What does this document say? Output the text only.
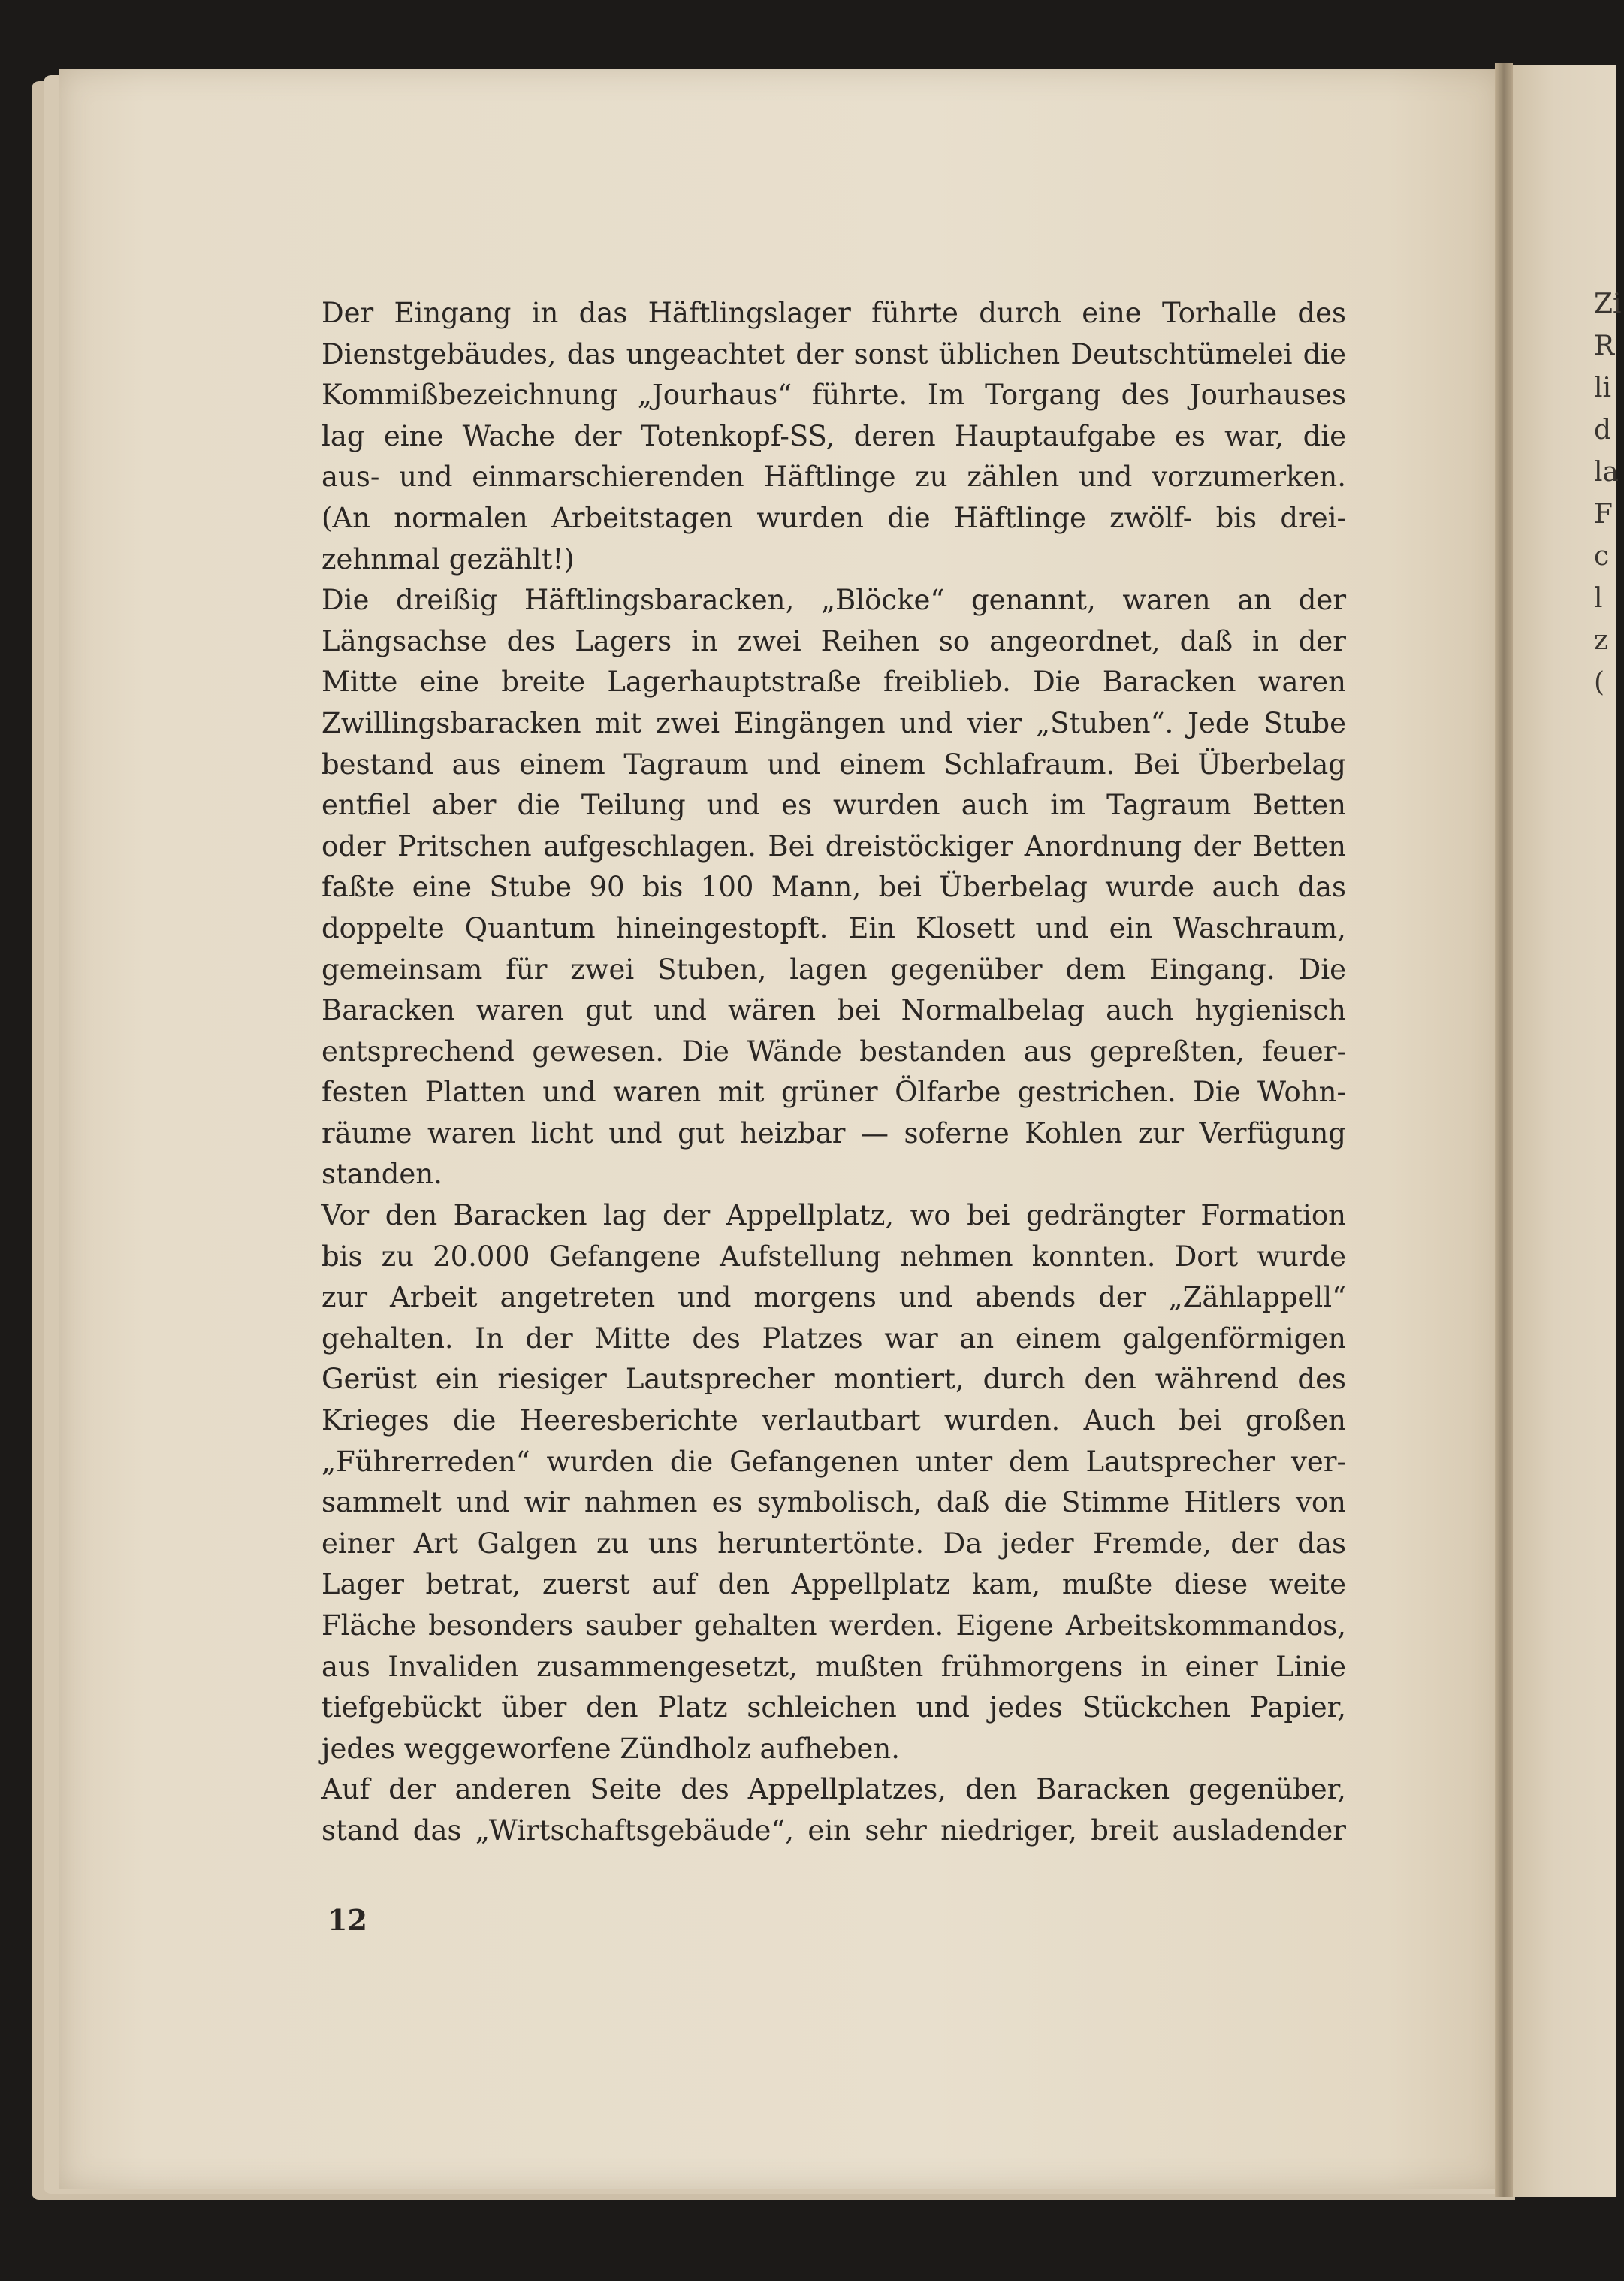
Der Eingang in das Häftlingslager führte durch eine Torhalle des
Dienstgebäudes, das ungeachtet der sonst üblichen Deutschtümelei die
Kommißbezeichnung „Jourhaus“ führte. Im Torgang des Jourhauses
lag eine Wache der Totenkopf-SS, deren Hauptaufgabe es war, die
aus- und einmarschierenden Häftlinge zu zählen und vorzumerken.
(An normalen Arbeitstagen wurden die Häftlinge zwölf- bis drei-
zehnmal gezählt!)
Die dreißig Häftlingsbaracken, „Blöcke“ genannt, waren an der
Längsachse des Lagers in zwei Reihen so angeordnet, daß in der
Mitte eine breite Lagerhauptstraße freiblieb. Die Baracken waren
Zwillingsbaracken mit zwei Eingängen und vier „Stuben“. Jede Stube
bestand aus einem Tagraum und einem Schlafraum. Bei Überbelag
entfiel aber die Teilung und es wurden auch im Tagraum Betten
oder Pritschen aufgeschlagen. Bei dreistöckiger Anordnung der Betten
faßte eine Stube 90 bis 100 Mann, bei Überbelag wurde auch das
doppelte Quantum hineingestopft. Ein Klosett und ein Waschraum,
gemeinsam für zwei Stuben, lagen gegenüber dem Eingang. Die
Baracken waren gut und wären bei Normalbelag auch hygienisch
entsprechend gewesen. Die Wände bestanden aus gepreßten, feuer-
festen Platten und waren mit grüner Ölfarbe gestrichen. Die Wohn-
räume waren licht und gut heizbar — soferne Kohlen zur Verfügung
standen.
Vor den Baracken lag der Appellplatz, wo bei gedrängter Formation
bis zu 20.000 Gefangene Aufstellung nehmen konnten. Dort wurde
zur Arbeit angetreten und morgens und abends der „Zählappell“
gehalten. In der Mitte des Platzes war an einem galgenförmigen
Gerüst ein riesiger Lautsprecher montiert, durch den während des
Krieges die Heeresberichte verlautbart wurden. Auch bei großen
„Führerreden“ wurden die Gefangenen unter dem Lautsprecher ver-
sammelt und wir nahmen es symbolisch, daß die Stimme Hitlers von
einer Art Galgen zu uns heruntertönte. Da jeder Fremde, der das
Lager betrat, zuerst auf den Appellplatz kam, mußte diese weite
Fläche besonders sauber gehalten werden. Eigene Arbeitskommandos,
aus Invaliden zusammengesetzt, mußten frühmorgens in einer Linie
tiefgebückt über den Platz schleichen und jedes Stückchen Papier,
jedes weggeworfene Zündholz aufheben.
Auf der anderen Seite des Appellplatzes, den Baracken gegenüber,
stand das „Wirtschaftsgebäude“, ein sehr niedriger, breit ausladender
12
Zi
R
li
d
la
F
c
l
z
(
